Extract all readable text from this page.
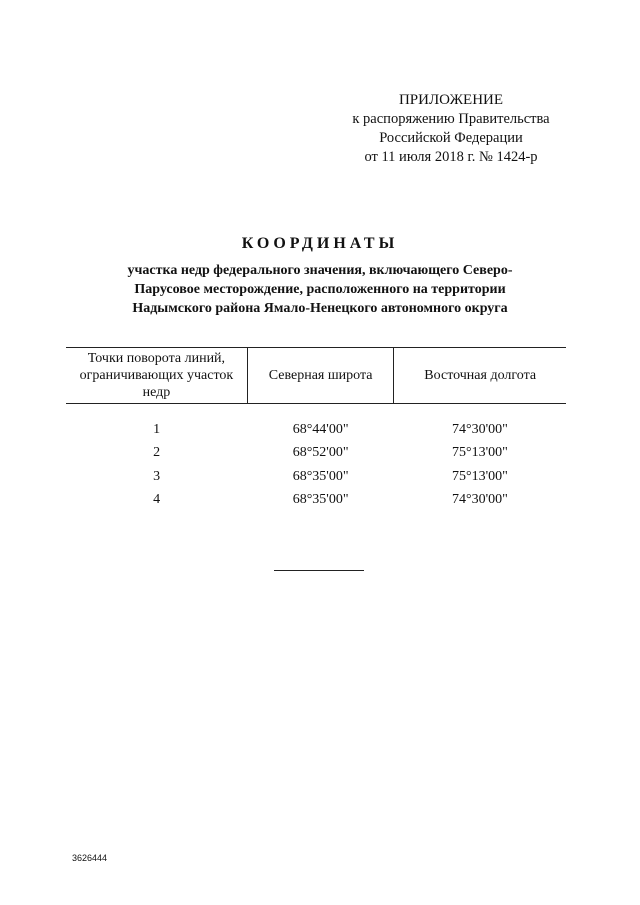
ПРИЛОЖЕНИЕ
к распоряжению Правительства
Российской Федерации
от 11 июля 2018 г. № 1424-р
КООРДИНАТЫ
участка недр федерального значения, включающего Северо-
Парусовое месторождение, расположенного на территории
Надымского района Ямало-Ненецкого автономного округа
Точки поворота линий, ограничивающих участок недр	Северная широта	Восточная долгота
1	68°44'00"	74°30'00"
2	68°52'00"	75°13'00"
3	68°35'00"	75°13'00"
4	68°35'00"	74°30'00"
3626444
